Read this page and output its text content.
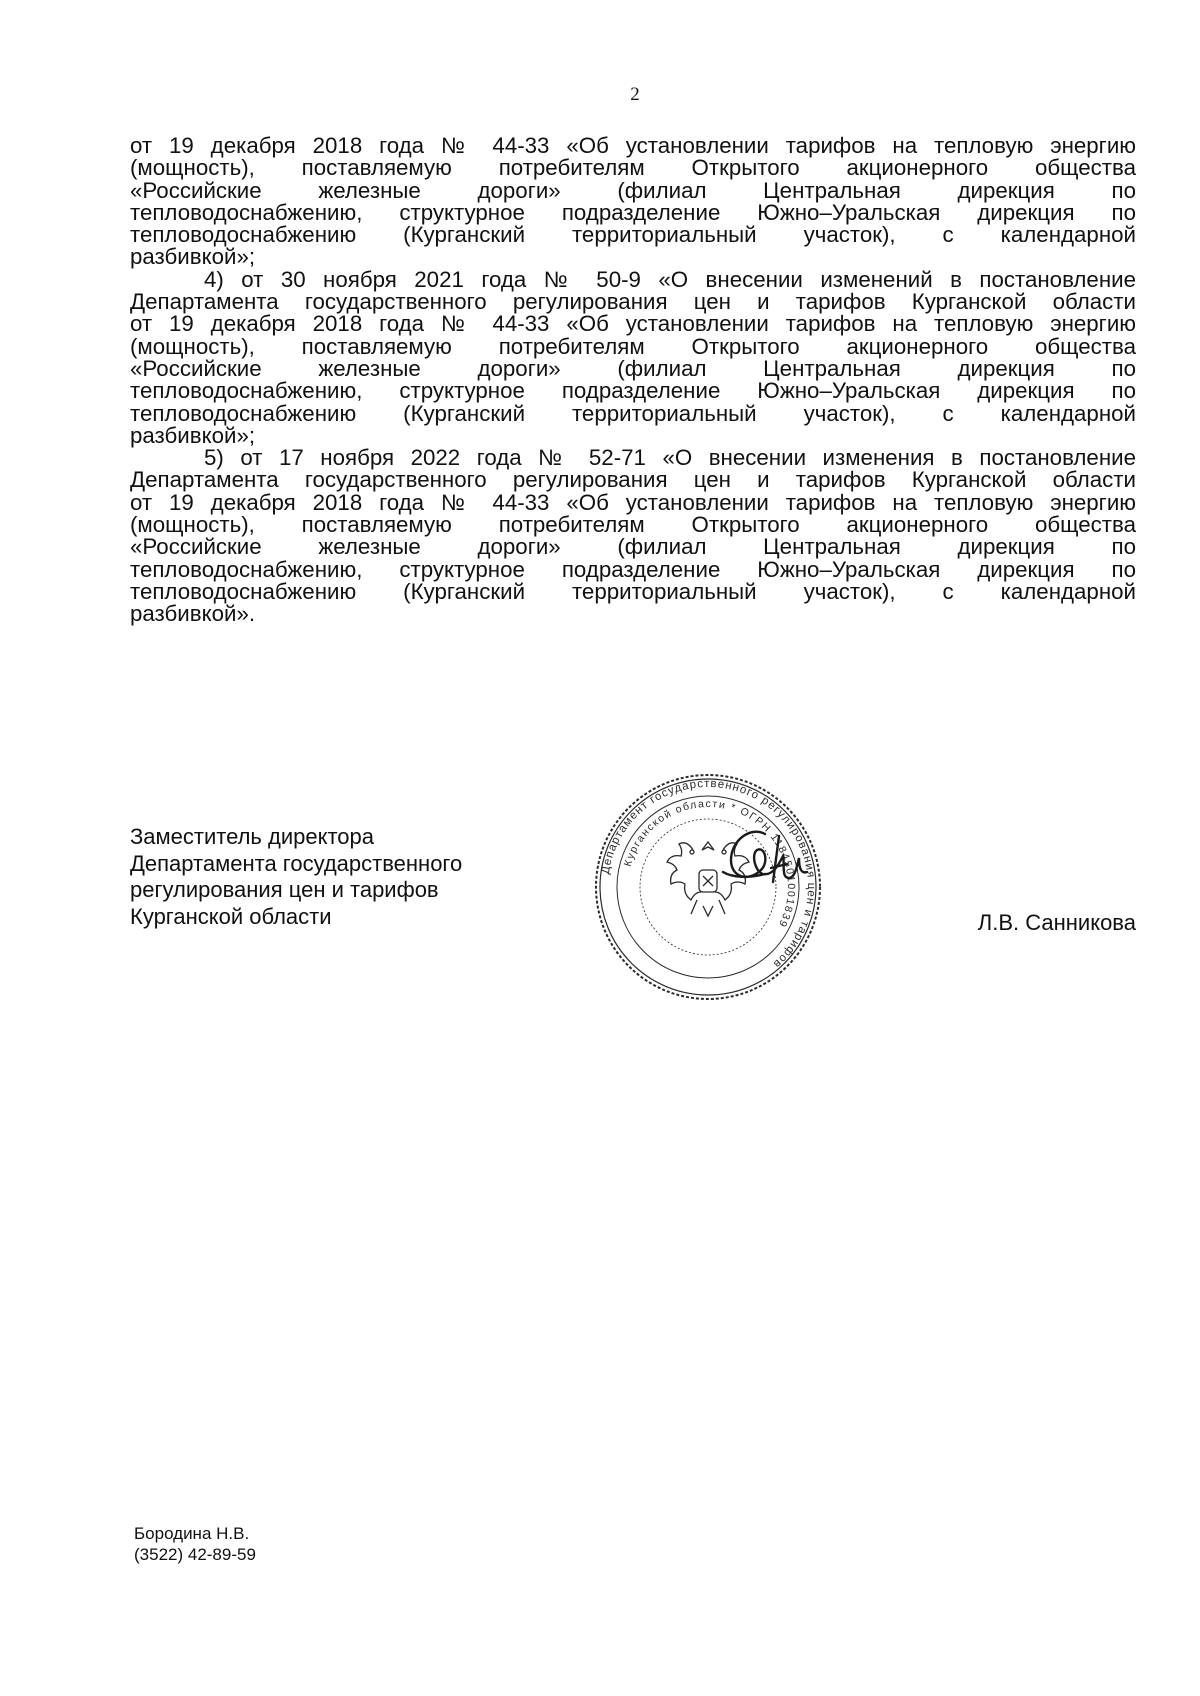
2

от 19 декабря 2018 года № 44-33 «Об установлении тарифов на тепловую энергию
(мощность), поставляемую потребителям Открытого акционерного общества
«Российские железные дороги» (филиал Центральная дирекция по
тепловодоснабжению, структурное подразделение Южно–Уральская дирекция по
тепловодоснабжению (Курганский территориальный участок), с календарной
разбивкой»;

4) от 30 ноября 2021 года № 50-9 «О внесении изменений в постановление
Департамента государственного регулирования цен и тарифов Курганской области
от 19 декабря 2018 года № 44-33 «Об установлении тарифов на тепловую энергию
(мощность), поставляемую потребителям Открытого акционерного общества
«Российские железные дороги» (филиал Центральная дирекция по
тепловодоснабжению, структурное подразделение Южно–Уральская дирекция по
тепловодоснабжению (Курганский территориальный участок), с календарной
разбивкой»;

5) от 17 ноября 2022 года № 52-71 «О внесении изменения в постановление
Департамента государственного регулирования цен и тарифов Курганской области
от 19 декабря 2018 года № 44-33 «Об установлении тарифов на тепловую энергию
(мощность), поставляемую потребителям Открытого акционерного общества
«Российские железные дороги» (филиал Центральная дирекция по
тепловодоснабжению, структурное подразделение Южно–Уральская дирекция по
тепловодоснабжению (Курганский территориальный участок), с календарной
разбивкой».

Заместитель директора
Департамента государственного
регулирования цен и тарифов
Курганской области
Департамент государственного регулирования цен и тарифов
Курганской области * ОГРН 1184501001839	Л.В. Санникова
Бородина Н.В.
(3522) 42-89-59
